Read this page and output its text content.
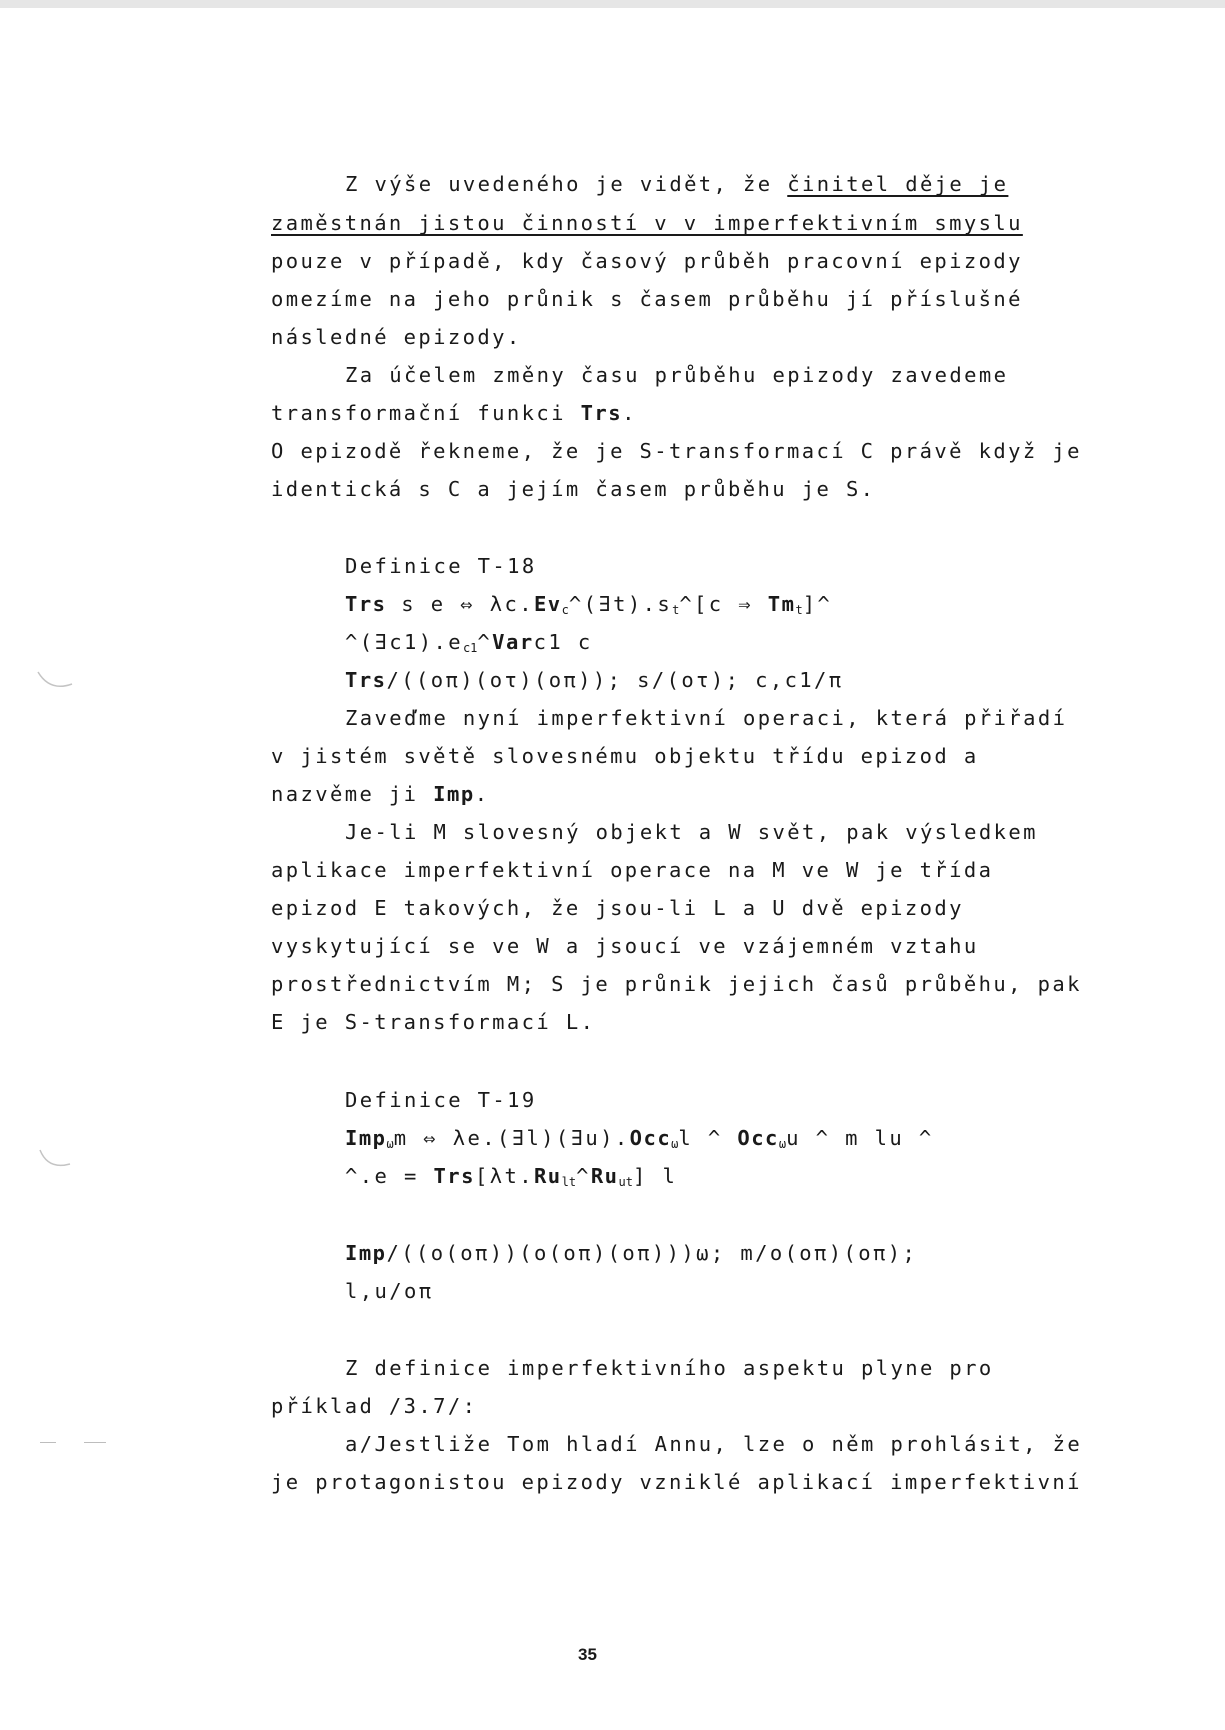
Z výše uvedeného je vidět, že činitel děje je
zaměstnán jistou činností v v imperfektivním smyslu
pouze v případě, kdy časový průběh pracovní epizody
omezíme na jeho průnik s časem průběhu jí příslušné
následné epizody.
Za účelem změny času průběhu epizody zavedeme
transformační funkci Trs.
O epizodě řekneme, že je S-transformací C právě když je
identická s C a jejím časem průběhu je S.
Definice T-18
Trs s e ⇔ $\lambda c.Ev_c\^{}(\exists t).s_t\^{}[c$ ⇒ $Tm_t]\^{}$
$\^{}(\exists c1).e_{c1}\^{}Varc1$ c
Trs/((oπ)(oτ)(oπ)); s/(oτ); c,c1/π
Zaveďme nyní imperfektivní operaci, která přiřadí
v jistém světě slovesnému objektu třídu epizod a
nazvěme ji Imp.
Je-li M slovesný objekt a W svět, pak výsledkem
aplikace imperfektivní operace na M ve W je třída
epizod E takových, že jsou-li L a U dvě epizody
vyskytující se ve W a jsoucí ve vzájemném vztahu
prostřednictvím M; S je průnik jejich časů průběhu, pak
E je S-transformací L.
Definice T-19
Imp$_\omega$m ⇔ λe.(∃l)(∃u).Occ$_\omega$l ^ Occ$_\omega$u ^ m lu ^
^.e = $Trs[\lambda t.Ru_{lt}\^{}Ru_{ut}]$ l
Imp/((o(oπ))(o(oπ)(oπ)))ω; m/o(oπ)(oπ);
l,u/oπ
Z definice imperfektivního aspektu plyne pro
příklad /3.7/:
a/Jestliže Tom hladí Annu, lze o něm prohlásit, že
je protagonistou epizody vzniklé aplikací imperfektivní
35
